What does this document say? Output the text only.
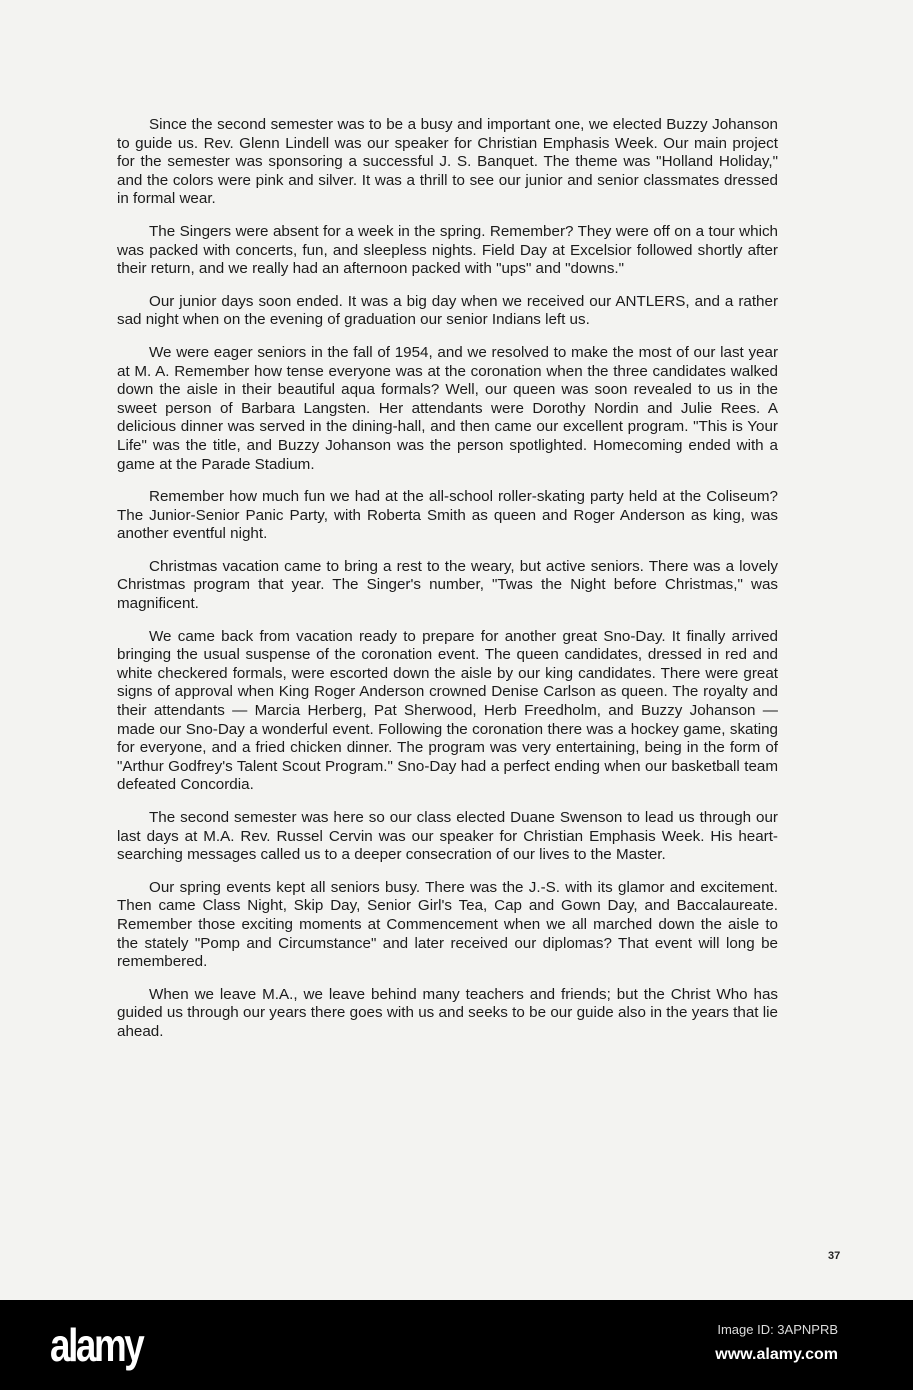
Since the second semester was to be a busy and important one, we elected Buzzy Johanson to guide us. Rev. Glenn Lindell was our speaker for Christian Emphasis Week. Our main project for the semester was sponsoring a successful J. S. Banquet. The theme was "Holland Holiday," and the colors were pink and silver. It was a thrill to see our junior and senior classmates dressed in formal wear.

The Singers were absent for a week in the spring. Remember? They were off on a tour which was packed with concerts, fun, and sleepless nights. Field Day at Excelsior followed shortly after their return, and we really had an afternoon packed with "ups" and "downs."

Our junior days soon ended. It was a big day when we received our ANTLERS, and a rather sad night when on the evening of graduation our senior Indians left us.

We were eager seniors in the fall of 1954, and we resolved to make the most of our last year at M. A. Remember how tense everyone was at the coronation when the three candidates walked down the aisle in their beautiful aqua formals? Well, our queen was soon revealed to us in the sweet person of Barbara Langsten. Her attendants were Dorothy Nordin and Julie Rees. A delicious dinner was served in the dining-hall, and then came our excellent program. "This is Your Life" was the title, and Buzzy Johanson was the person spotlighted. Homecoming ended with a game at the Parade Stadium.

Remember how much fun we had at the all-school roller-skating party held at the Coliseum? The Junior-Senior Panic Party, with Roberta Smith as queen and Roger Anderson as king, was another eventful night.

Christmas vacation came to bring a rest to the weary, but active seniors. There was a lovely Christmas program that year. The Singer's number, "Twas the Night before Christmas," was magnificent.

We came back from vacation ready to prepare for another great Sno-Day. It finally arrived bringing the usual suspense of the coronation event. The queen candidates, dressed in red and white checkered formals, were escorted down the aisle by our king candidates. There were great signs of approval when King Roger Anderson crowned Denise Carlson as queen. The royalty and their attendants — Marcia Herberg, Pat Sherwood, Herb Freedholm, and Buzzy Johanson — made our Sno-Day a wonderful event. Following the coronation there was a hockey game, skating for everyone, and a fried chicken dinner. The program was very entertaining, being in the form of "Arthur Godfrey's Talent Scout Program." Sno-Day had a perfect ending when our basketball team defeated Concordia.

The second semester was here so our class elected Duane Swenson to lead us through our last days at M.A. Rev. Russel Cervin was our speaker for Christian Emphasis Week. His heart-searching messages called us to a deeper consecration of our lives to the Master.

Our spring events kept all seniors busy. There was the J.-S. with its glamor and excitement. Then came Class Night, Skip Day, Senior Girl's Tea, Cap and Gown Day, and Baccalaureate. Remember those exciting moments at Commencement when we all marched down the aisle to the stately "Pomp and Circumstance" and later received our diplomas? That event will long be remembered.

When we leave M.A., we leave behind many teachers and friends; but the Christ Who has guided us through our years there goes with us and seeks to be our guide also in the years that lie ahead.

37
alamy	Image ID: 3APNPRB
www.alamy.com
